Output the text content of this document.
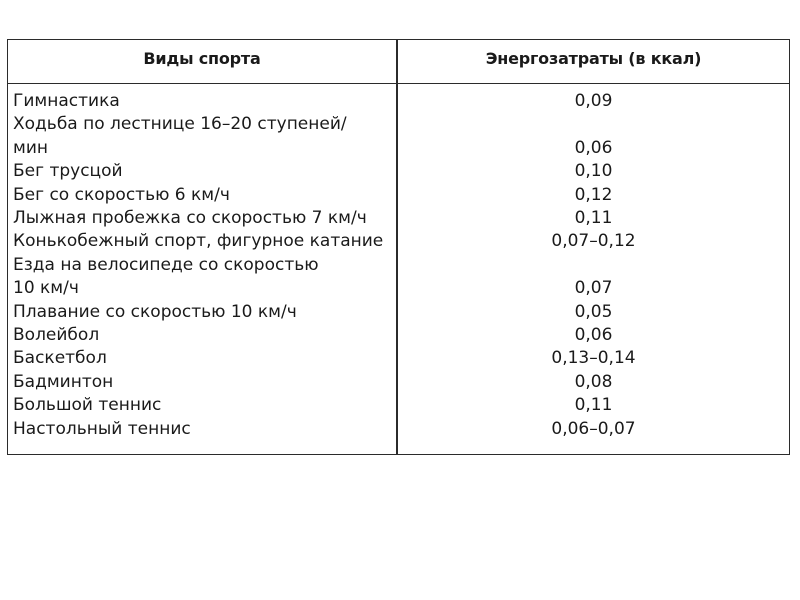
Виды спорта	Энергозатраты (в ккал)
Гимнастика	0,09
Ходьба по лестнице 16–20 ступеней/
мин	0,06
Бег трусцой	0,10
Бег со скоростью 6 км/ч	0,12
Лыжная пробежка со скоростью 7 км/ч	0,11
Конькобежный спорт, фигурное катание	0,07–0,12
Езда на велосипеде со скоростью
10 км/ч	0,07
Плавание со скоростью 10 км/ч	0,05
Волейбол	0,06
Баскетбол	0,13–0,14
Бадминтон	0,08
Большой теннис	0,11
Настольный теннис	0,06–0,07
